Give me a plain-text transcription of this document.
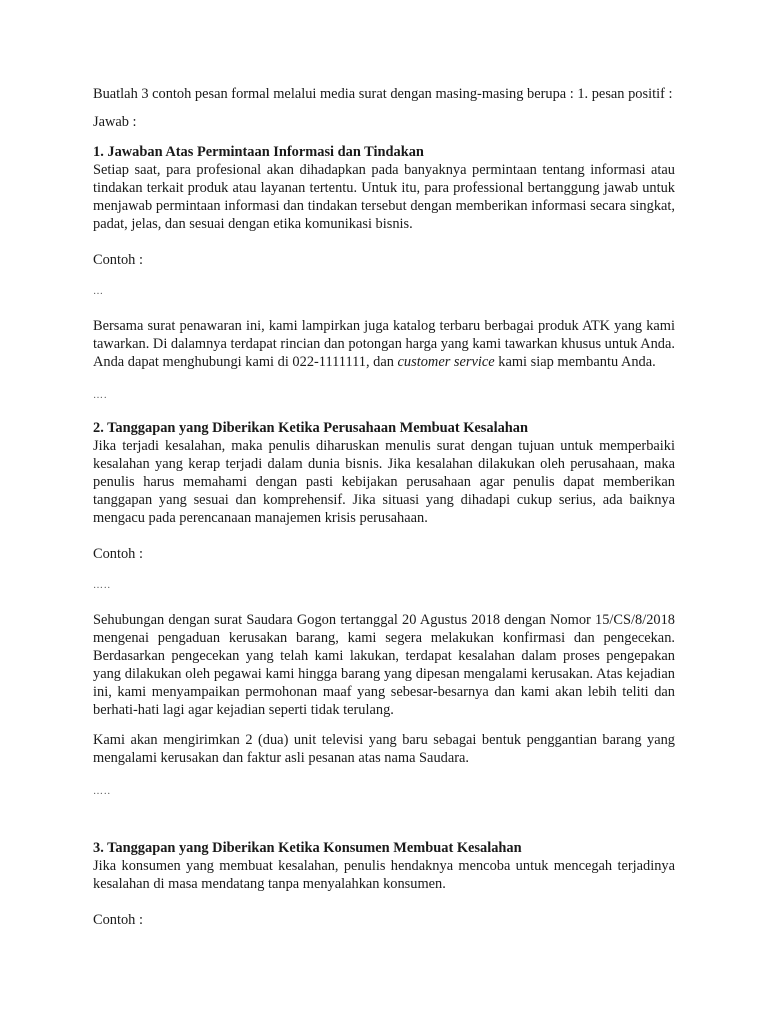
Buatlah 3 contoh pesan formal melalui media surat dengan masing-masing berupa : 1. pesan positif :

Jawab :

1. Jawaban Atas Permintaan Informasi dan Tindakan

Setiap saat, para profesional akan dihadapkan pada banyaknya permintaan tentang informasi atau tindakan terkait produk atau layanan tertentu. Untuk itu, para professional bertanggung jawab untuk menjawab permintaan informasi dan tindakan tersebut dengan memberikan informasi secara singkat, padat, jelas, dan sesuai dengan etika komunikasi bisnis.

Contoh :

…

Bersama surat penawaran ini, kami lampirkan juga katalog terbaru berbagai produk ATK yang kami tawarkan. Di dalamnya terdapat rincian dan potongan harga yang kami tawarkan khusus untuk Anda. Anda dapat menghubungi kami di 022-1111111, dan customer service kami siap membantu Anda.

….

2. Tanggapan yang Diberikan Ketika Perusahaan Membuat Kesalahan

Jika terjadi kesalahan, maka penulis diharuskan menulis surat dengan tujuan untuk memperbaiki kesalahan yang kerap terjadi dalam dunia bisnis. Jika kesalahan dilakukan oleh perusahaan, maka penulis harus memahami dengan pasti kebijakan perusahaan agar penulis dapat memberikan tanggapan yang sesuai dan komprehensif. Jika situasi yang dihadapi cukup serius, ada baiknya mengacu pada perencanaan manajemen krisis perusahaan.

Contoh :

…..

Sehubungan dengan surat Saudara Gogon tertanggal 20 Agustus 2018 dengan Nomor 15/CS/8/2018 mengenai pengaduan kerusakan barang, kami segera melakukan konfirmasi dan pengecekan. Berdasarkan pengecekan yang telah kami lakukan, terdapat kesalahan dalam proses pengepakan yang dilakukan oleh pegawai kami hingga barang yang dipesan mengalami kerusakan. Atas kejadian ini, kami menyampaikan permohonan maaf yang sebesar-besarnya dan kami akan lebih teliti dan berhati-hati lagi agar kejadian seperti tidak terulang.

Kami akan mengirimkan 2 (dua) unit televisi yang baru sebagai bentuk penggantian barang yang mengalami kerusakan dan faktur asli pesanan atas nama Saudara.

…..

3. Tanggapan yang Diberikan Ketika Konsumen Membuat Kesalahan

Jika konsumen yang membuat kesalahan, penulis hendaknya mencoba untuk mencegah terjadinya kesalahan di masa mendatang tanpa menyalahkan konsumen.

Contoh :
